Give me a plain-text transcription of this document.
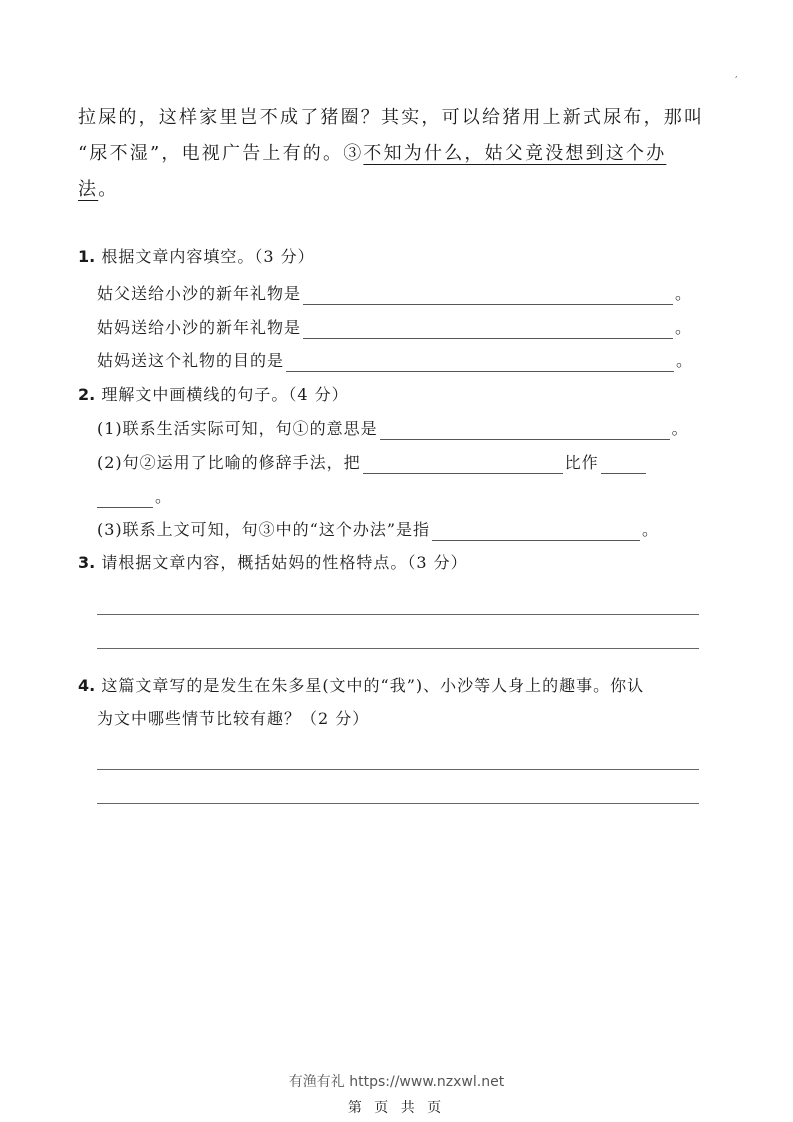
,

拉屎的，这样家里岂不成了猪圈？其实，可以给猪用上新式尿布，那叫
“尿不湿”，电视广告上有的。③不知为什么，姑父竟没想到这个办
法。

1. 根据文章内容填空。（3 分）

姑父送给小沙的新年礼物是	。
姑妈送给小沙的新年礼物是	。
姑妈送这个礼物的目的是	。

2. 理解文中画横线的句子。（4 分）

(1)联系生活实际可知，句①的意思是	。
(2)句②运用了比喻的修辞手法，把	比作
。
(3)联系上文可知，句③中的“这个办法”是指	。

3. 请根据文章内容，概括姑妈的性格特点。（3 分）

4. 这篇文章写的是发生在朱多星(文中的“我”)、小沙等人身上的趣事。你认

为文中哪些情节比较有趣？（2 分）

有渔有礼 https://www.nzxwl.net
第 页 共 页
